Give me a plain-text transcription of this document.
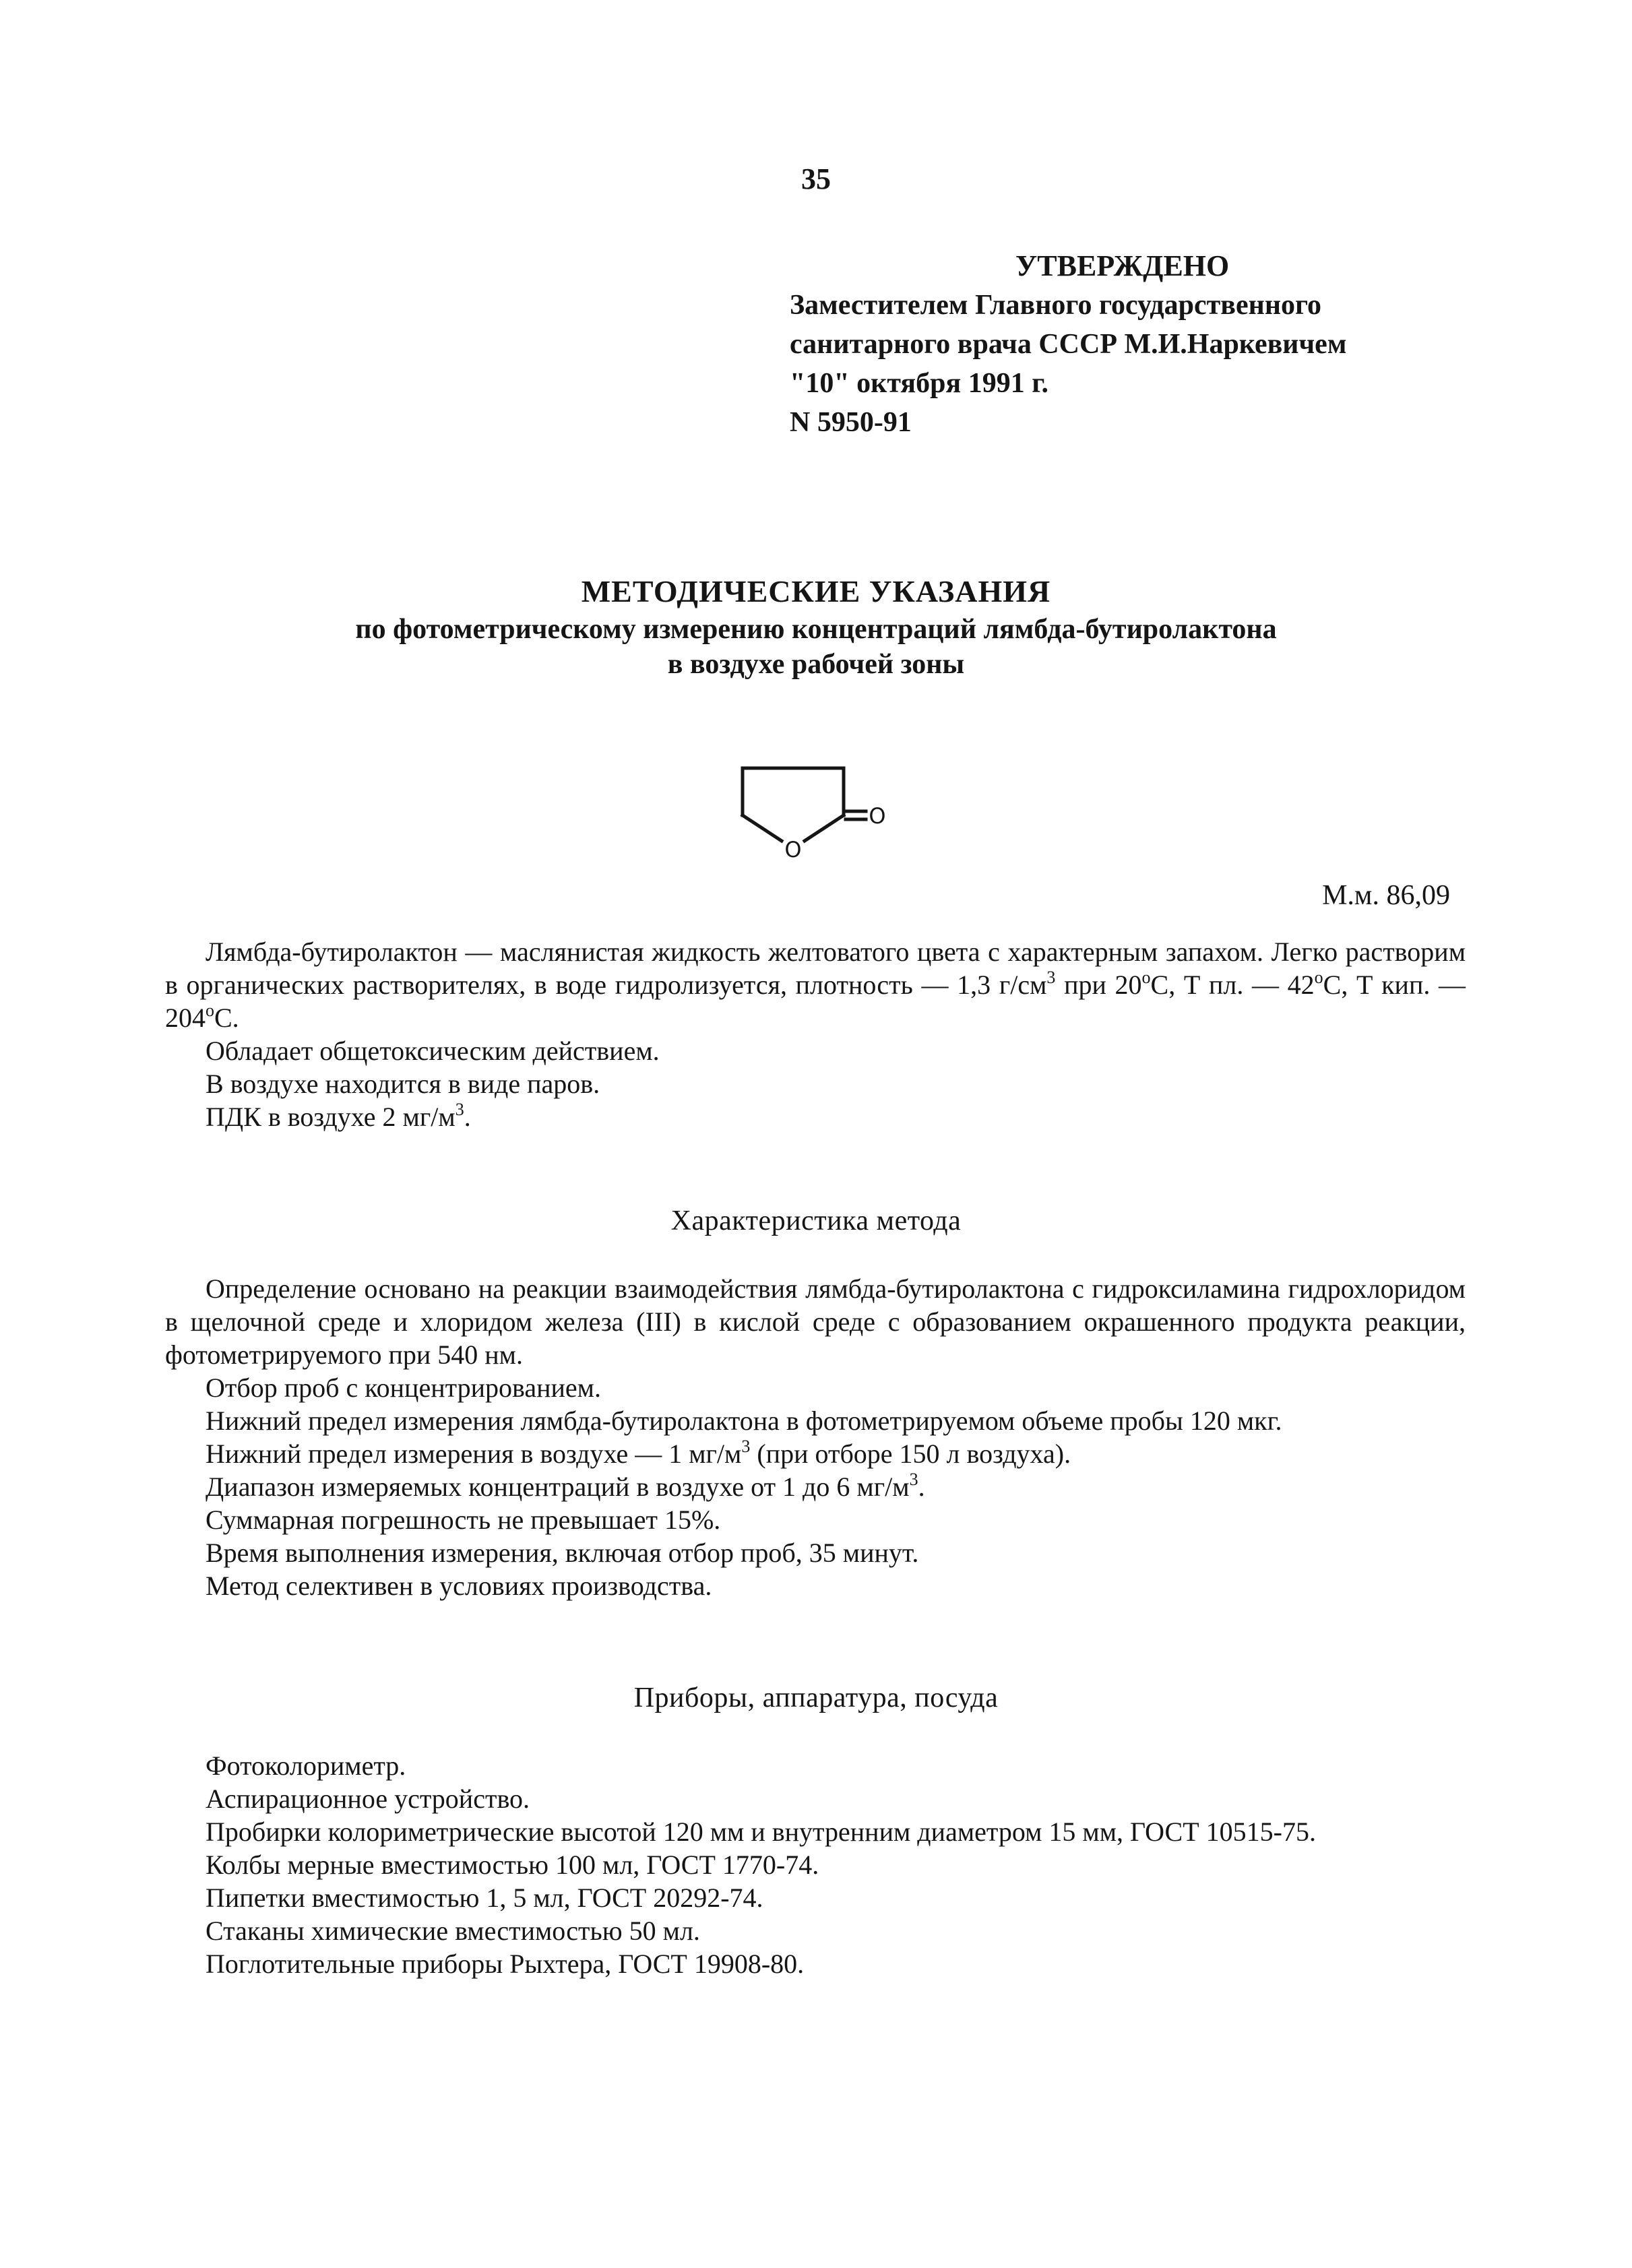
35
УТВЕРЖДЕНО
Заместителем Главного государственного
санитарного врача СССР М.И.Наркевичем
"10" октября 1991 г.
N 5950-91
МЕТОДИЧЕСКИЕ УКАЗАНИЯ
по фотометрическому измерению концентраций лямбда-бутиролактона
в воздухе рабочей зоны
O
O
М.м. 86,09

Лямбда-бутиролактон — маслянистая жидкость желтоватого цвета с характерным запахом. Легко растворим в органических растворителях, в воде гидролизуется, плотность — 1,3 $г/см^3$ при $20^оС$, Т пл. — $42^оС$, Т кип. — $204^оС$.

Обладает общетоксическим действием.

В воздухе находится в виде паров.

ПДК в воздухе 2 $мг/м^3$.

Характеристика метода

Определение основано на реакции взаимодействия лямбда-бутиролактона с гидроксиламина гидрохлоридом в щелочной среде и хлоридом железа (III) в кислой среде с образованием окрашенного продукта реакции, фотометрируемого при 540 нм.

Отбор проб с концентрированием.

Нижний предел измерения лямбда-бутиролактона в фотометрируемом объеме пробы 120 мкг.

Нижний предел измерения в воздухе — 1 $мг/м^3$ (при отборе 150 л воздуха).

Диапазон измеряемых концентраций в воздухе от 1 до 6 $мг/м^3$.

Суммарная погрешность не превышает 15%.

Время выполнения измерения, включая отбор проб, 35 минут.

Метод селективен в условиях производства.

Приборы, аппаратура, посуда

Фотоколориметр.

Аспирационное устройство.

Пробирки колориметрические высотой 120 мм и внутренним диаметром 15 мм, ГОСТ 10515-75.

Колбы мерные вместимостью 100 мл, ГОСТ 1770-74.

Пипетки вместимостью 1, 5 мл, ГОСТ 20292-74.

Стаканы химические вместимостью 50 мл.

Поглотительные приборы Рыхтера, ГОСТ 19908-80.
